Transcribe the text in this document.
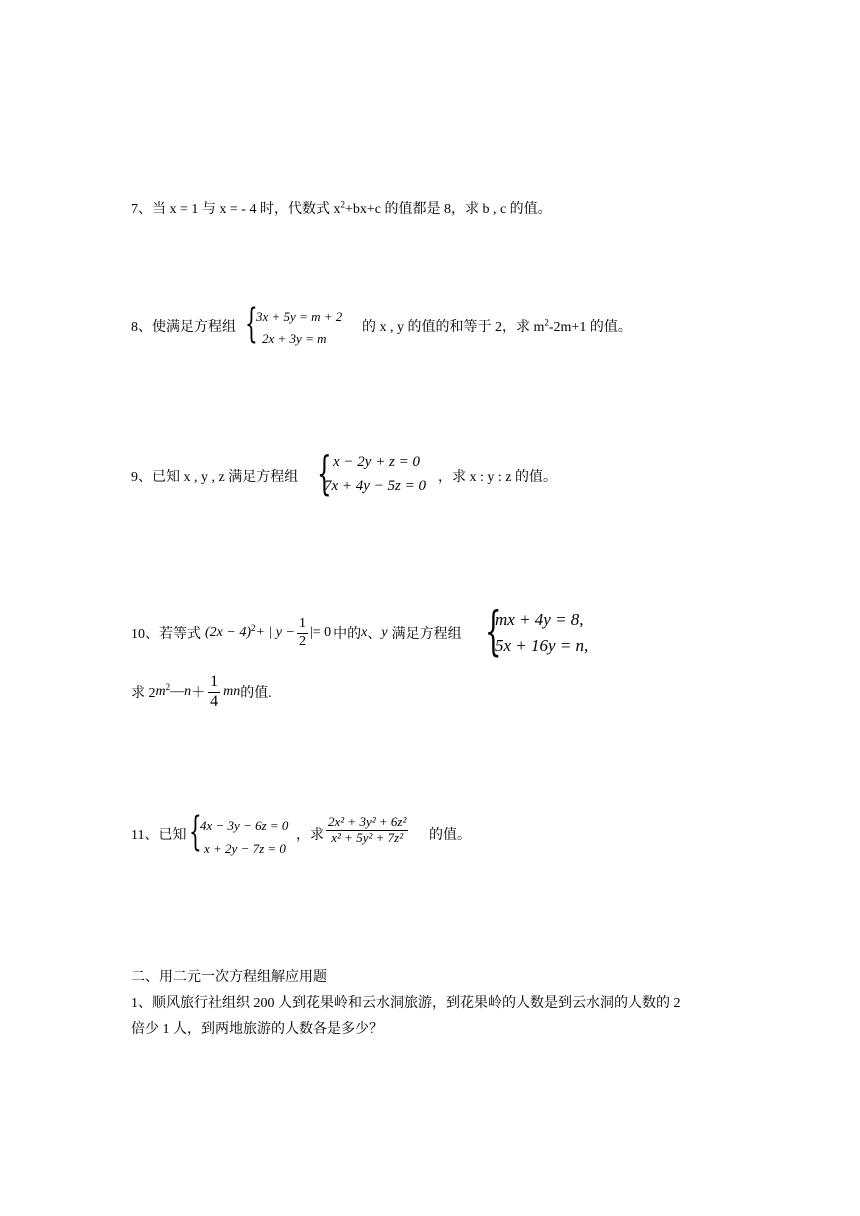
7、当 x = 1 与 x = - 4 时，代数式 $x^2+bx+c$ 的值都是 8，求 b , c 的值。
8、使满足方程组 {
3x + 5y = m + 2
2x + 3y = m
的 x , y 的值的和等于 2，求 $m^2-2m+1$ 的值。
9、已知 x , y , z 满足方程组 { x − 2y + z = 0
7x + 4y − 5z = 0
，求 x : y : z 的值。
10、若等式 $(2x - 4)^2$ + | $y - \frac{1}{2}$ |= 0 中的 x 、 y 满足方程组 {
mx + 4y = 8,
5x + 16y = n,
求 2 $m^2$ — $n + \frac{1}{4}$ mn 的值.
11、已知 {
4x − 3y − 6z = 0
x + 2y − 7z = 0
，求 $\frac{\text{2x² + 3y² + 6z²}}{\text{x² + 5y² + 7z²}}$ 的值。
二、用二元一次方程组解应用题
1、顺风旅行社组织 200 人到花果岭和云水洞旅游，到花果岭的人数是到云水洞的人数的 2
倍少 1 人，到两地旅游的人数各是多少？
